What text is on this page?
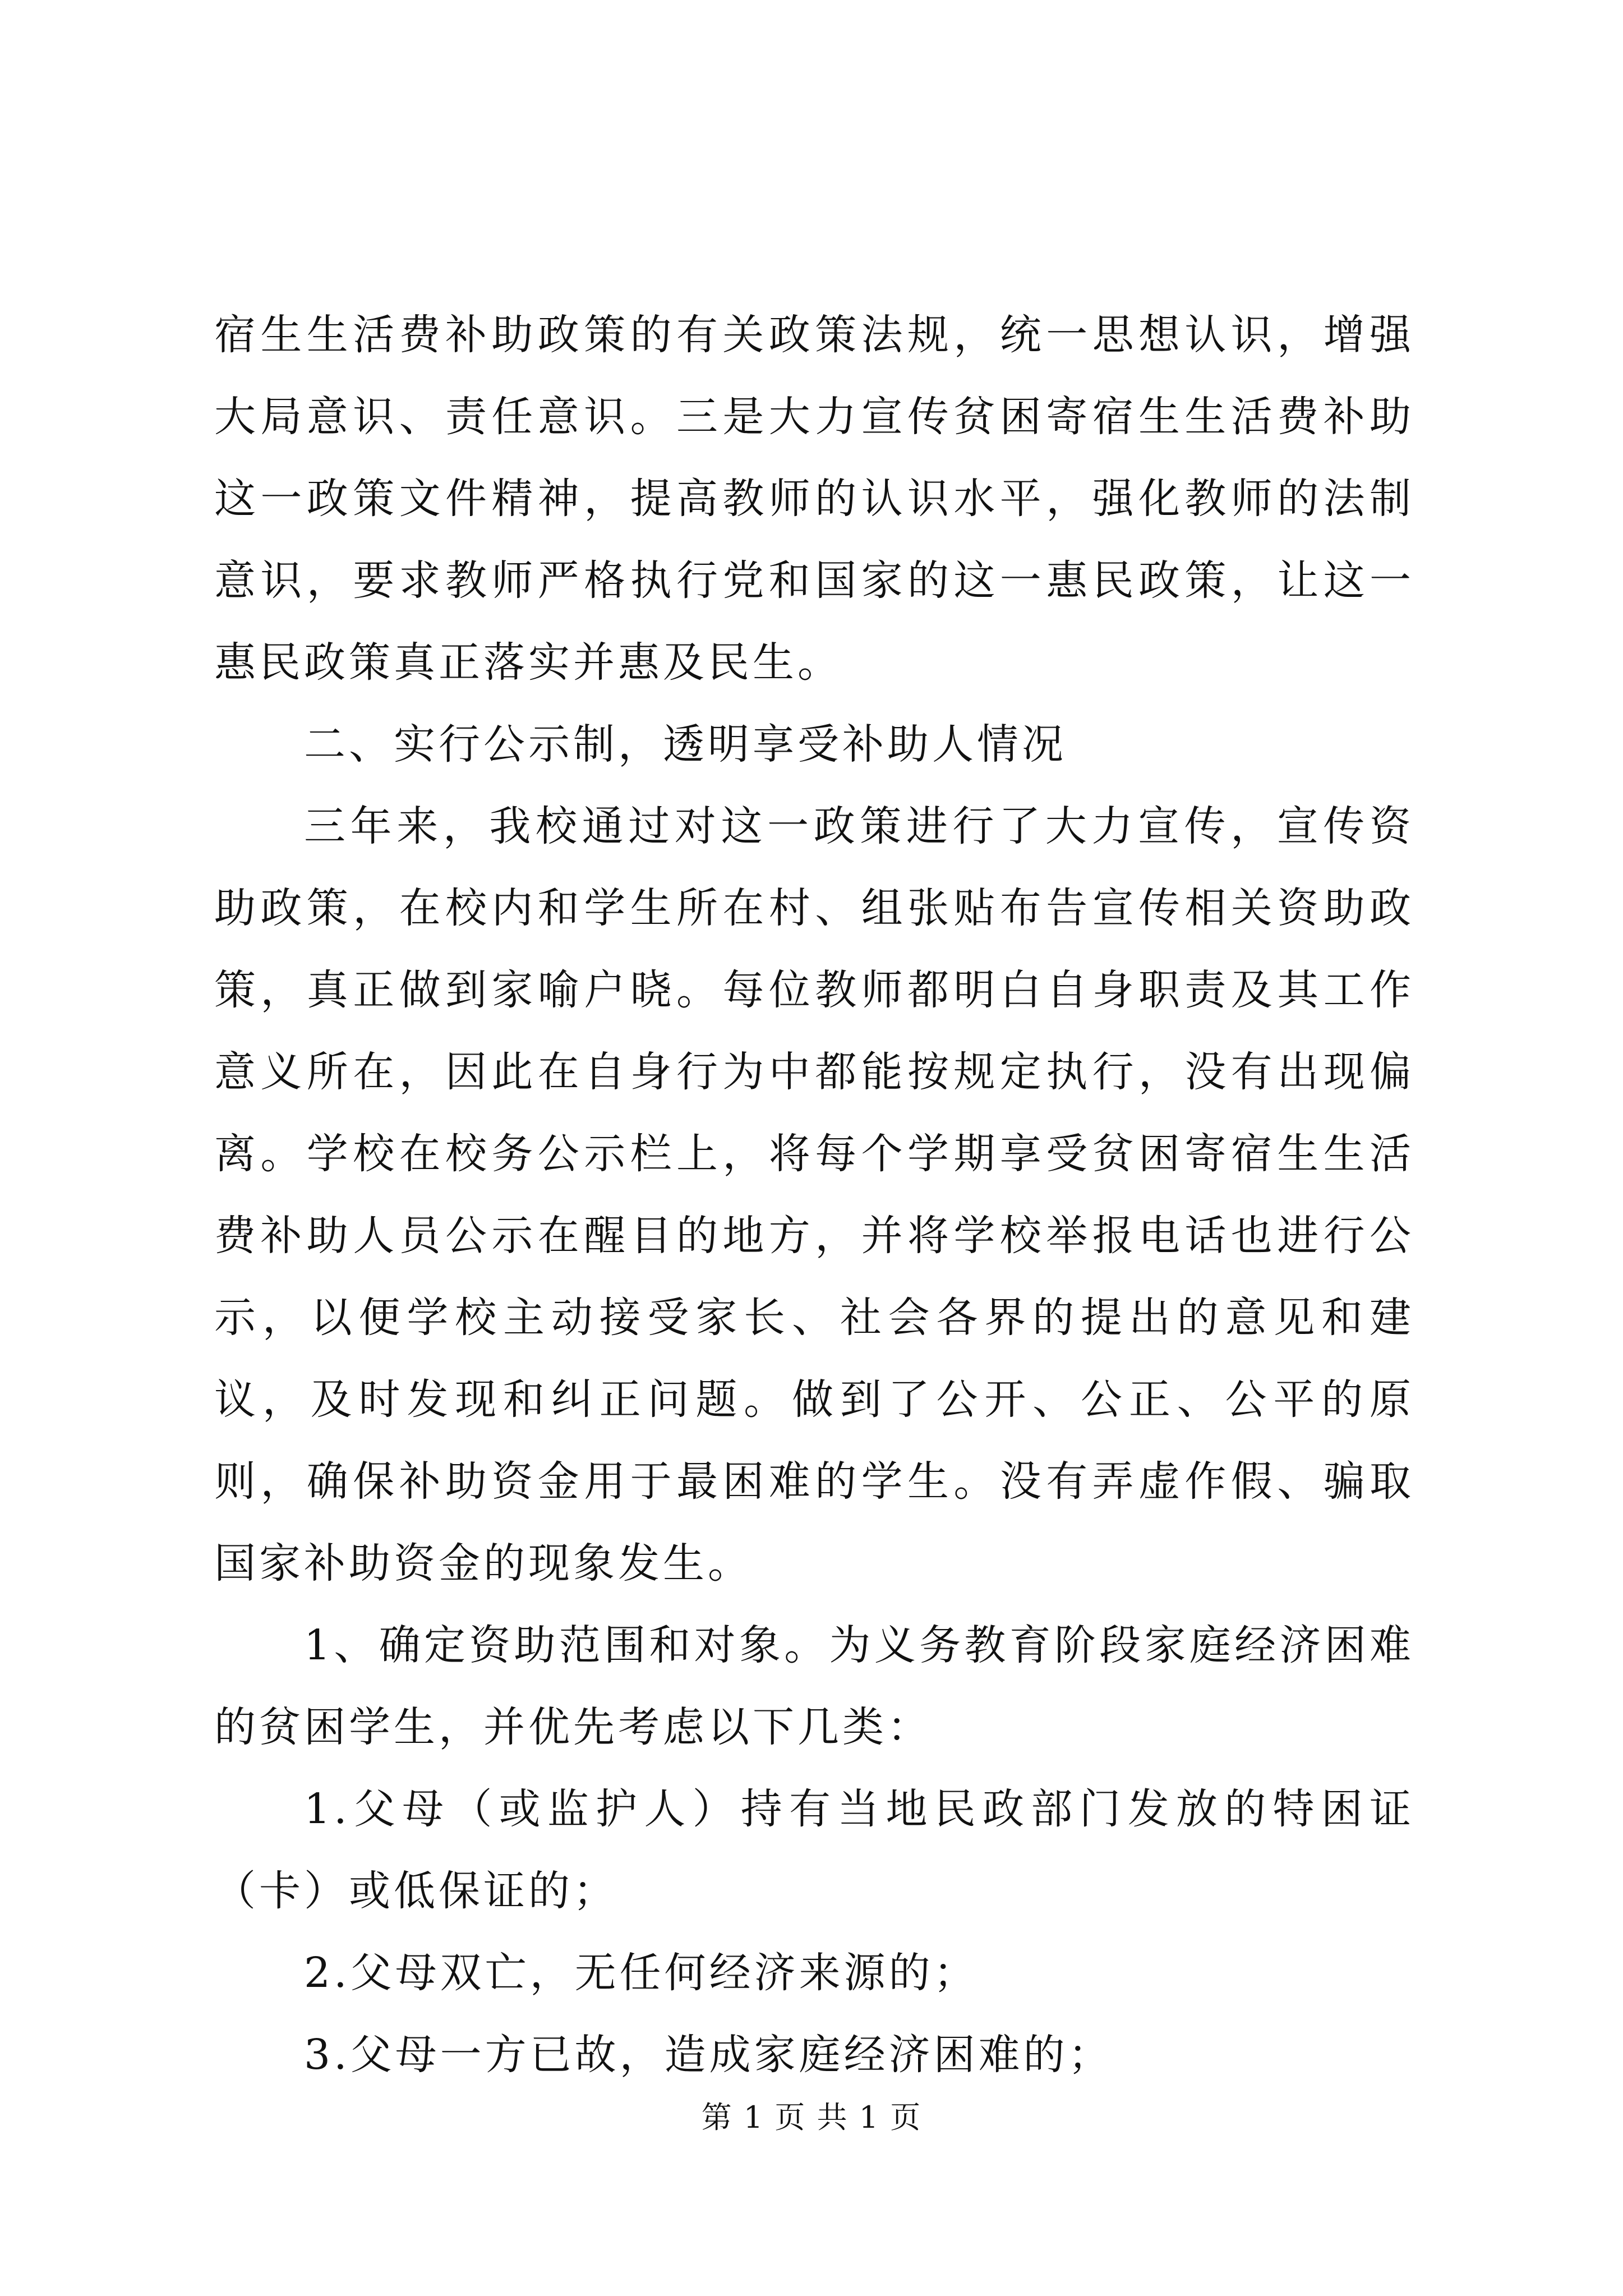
宿生生活费补助政策的有关政策法规，统一思想认识，增强大局意识、责任意识。三是大力宣传贫困寄宿生生活费补助这一政策文件精神，提高教师的认识水平，强化教师的法制意识，要求教师严格执行党和国家的这一惠民政策，让这一惠民政策真正落实并惠及民生。

二、实行公示制，透明享受补助人情况

三年来，我校通过对这一政策进行了大力宣传，宣传资助政策，在校内和学生所在村、组张贴布告宣传相关资助政策，真正做到家喻户晓。每位教师都明白自身职责及其工作意义所在，因此在自身行为中都能按规定执行，没有出现偏离。学校在校务公示栏上，将每个学期享受贫困寄宿生生活费补助人员公示在醒目的地方，并将学校举报电话也进行公示，以便学校主动接受家长、社会各界的提出的意见和建议，及时发现和纠正问题。做到了公开、公正、公平的原则，确保补助资金用于最困难的学生。没有弄虚作假、骗取国家补助资金的现象发生。

1、确定资助范围和对象。为义务教育阶段家庭经济困难的贫困学生，并优先考虑以下几类：

1.父母（或监护人）持有当地民政部门发放的特困证（卡）或低保证的；

2.父母双亡，无任何经济来源的；

3.父母一方已故，造成家庭经济困难的；

第 1 页 共 1 页
